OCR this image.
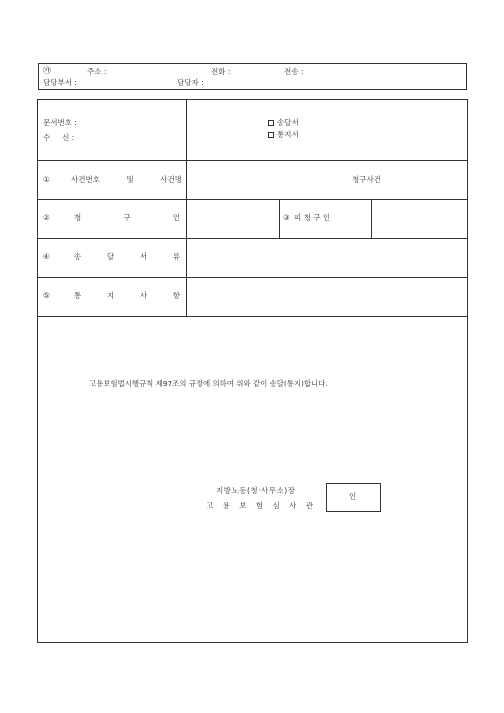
㉮	주소 :	전화 :	전송 :
담당부서 :	담당자 :
문서번호 :
수     신 :
송달서
통지서
①	사건번호	및	사건명	청구사건
②	청	구	인	③ 피 청 구 인
④	송	달	서	류
⑤	통	지	사	항
고용보험법시행규칙 제97조의 규정에 의하여 위와 같이 송달(통지)합니다.
지방노동(청·사무소)장
고 용 보 험 심 사 관
인
